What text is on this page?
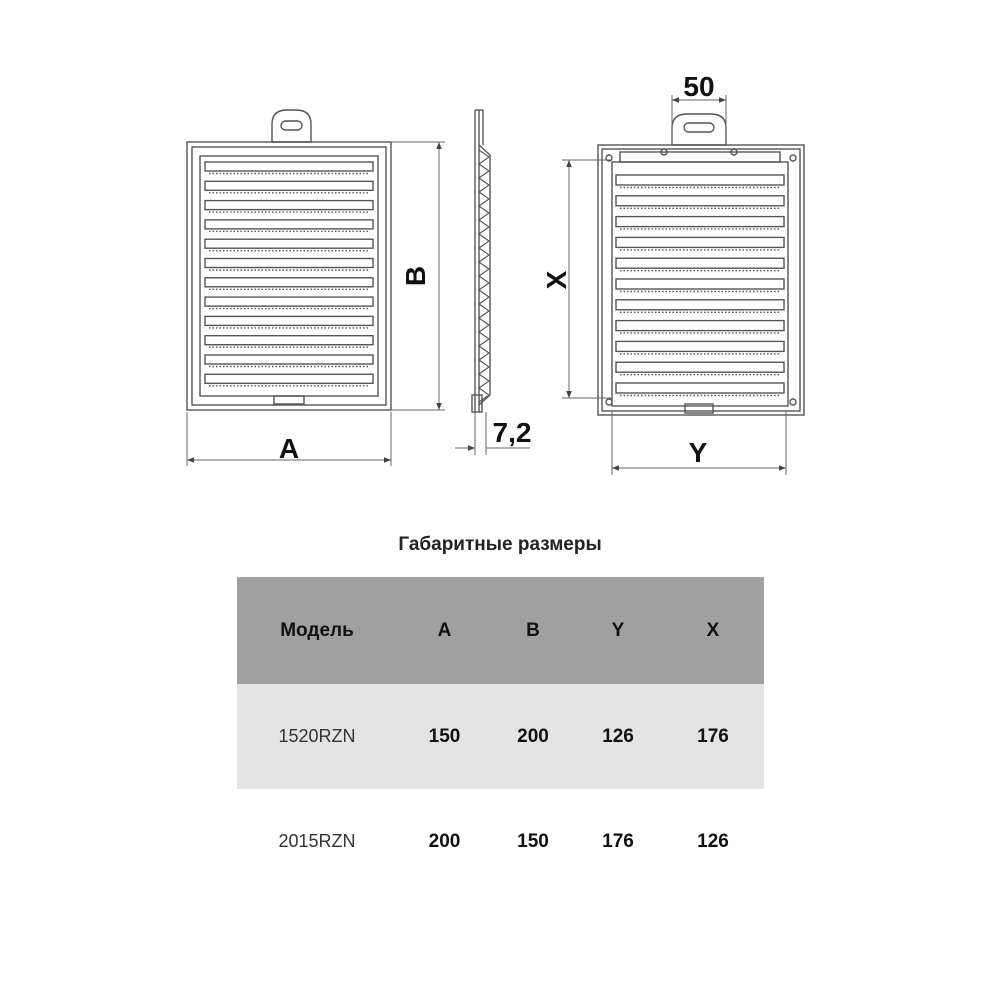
B
A
7,2
50
X
Y
Габаритные размеры
Модель	A	B	Y	X
1520RZN	150	200	126	176
2015RZN	200	150	176	126
